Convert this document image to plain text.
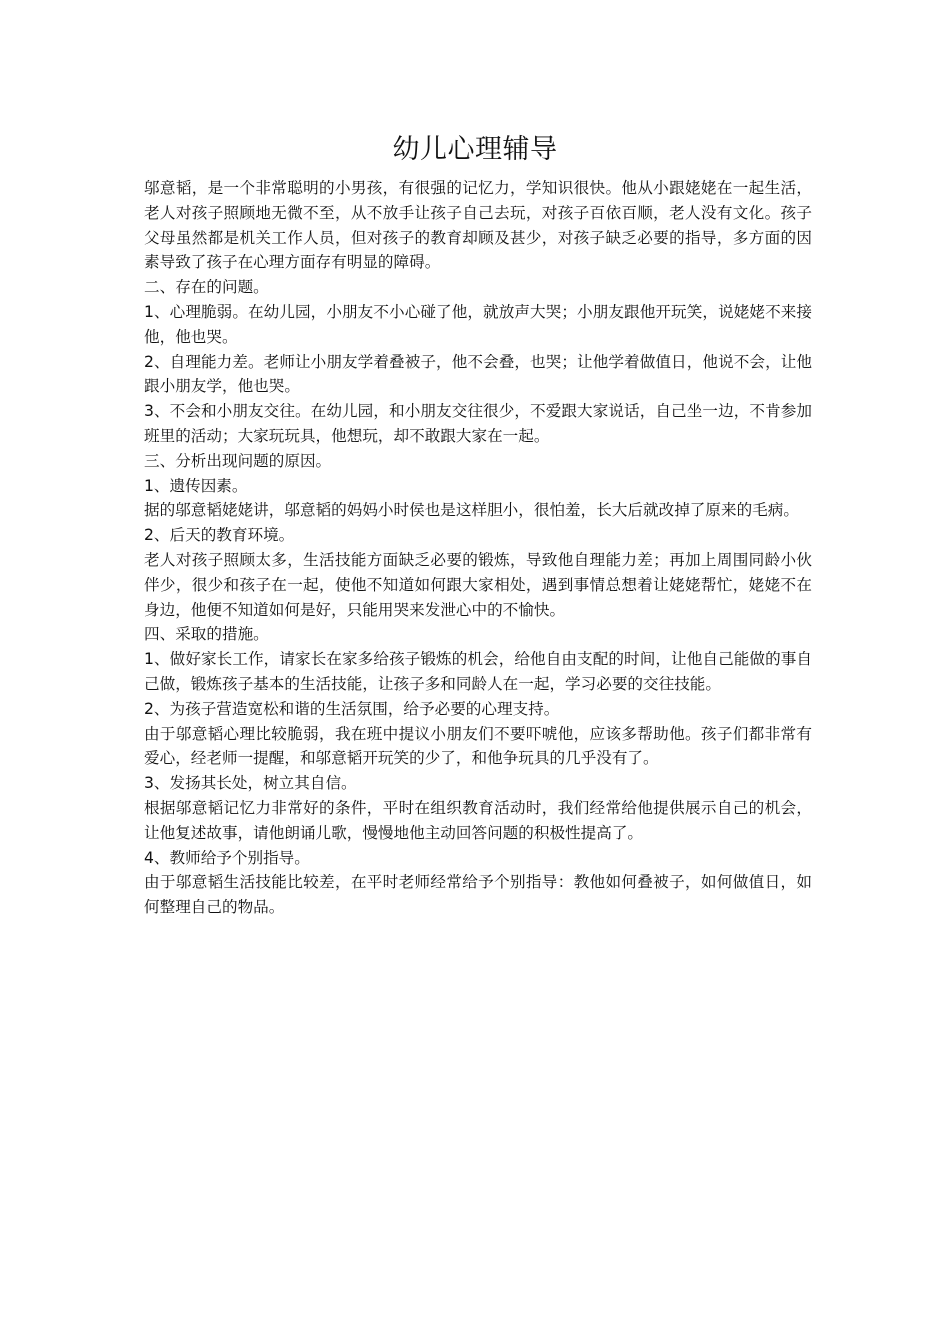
幼儿心理辅导

邬意韬，是一个非常聪明的小男孩，有很强的记忆力，学知识很快。他从小跟姥姥在一起生活，老人对孩子照顾地无微不至，从不放手让孩子自己去玩，对孩子百依百顺，老人没有文化。孩子父母虽然都是机关工作人员，但对孩子的教育却顾及甚少，对孩子缺乏必要的指导，多方面的因素导致了孩子在心理方面存有明显的障碍。

二、存在的问题。

1、心理脆弱。在幼儿园，小朋友不小心碰了他，就放声大哭；小朋友跟他开玩笑，说姥姥不来接他，他也哭。

2、自理能力差。老师让小朋友学着叠被子，他不会叠，也哭；让他学着做值日，他说不会，让他跟小朋友学，他也哭。

3、不会和小朋友交往。在幼儿园，和小朋友交往很少，不爱跟大家说话，自己坐一边，不肯参加班里的活动；大家玩玩具，他想玩，却不敢跟大家在一起。

三、分析出现问题的原因。

1、遗传因素。

据的邬意韬姥姥讲，邬意韬的妈妈小时侯也是这样胆小，很怕羞，长大后就改掉了原来的毛病。

2、后天的教育环境。

老人对孩子照顾太多，生活技能方面缺乏必要的锻炼，导致他自理能力差；再加上周围同龄小伙伴少，很少和孩子在一起，使他不知道如何跟大家相处，遇到事情总想着让姥姥帮忙，姥姥不在身边，他便不知道如何是好，只能用哭来发泄心中的不愉快。

四、采取的措施。

1、做好家长工作，请家长在家多给孩子锻炼的机会，给他自由支配的时间，让他自己能做的事自己做，锻炼孩子基本的生活技能，让孩子多和同龄人在一起，学习必要的交往技能。

2、为孩子营造宽松和谐的生活氛围，给予必要的心理支持。

由于邬意韬心理比较脆弱，我在班中提议小朋友们不要吓唬他，应该多帮助他。孩子们都非常有爱心，经老师一提醒，和邬意韬开玩笑的少了，和他争玩具的几乎没有了。

3、发扬其长处，树立其自信。

根据邬意韬记忆力非常好的条件，平时在组织教育活动时，我们经常给他提供展示自己的机会，让他复述故事，请他朗诵儿歌，慢慢地他主动回答问题的积极性提高了。

4、教师给予个别指导。

由于邬意韬生活技能比较差，在平时老师经常给予个别指导：教他如何叠被子，如何做值日，如何整理自己的物品。
